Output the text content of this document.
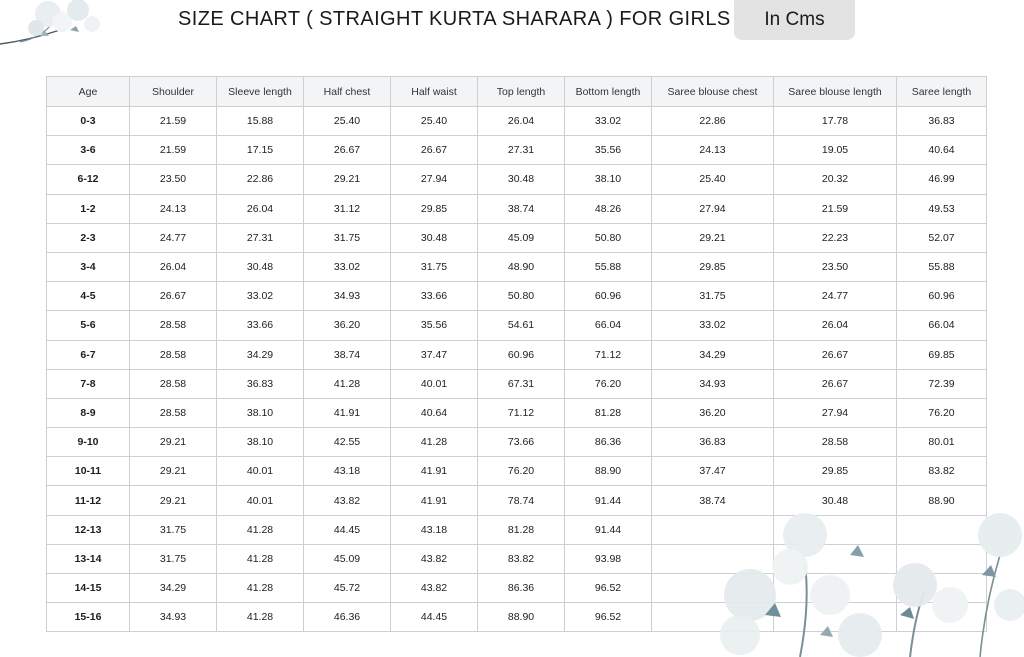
SIZE CHART ( STRAIGHT KURTA SHARARA ) FOR GIRLS	In Cms
Age	Shoulder	Sleeve length	Half chest	Half waist	Top length	Bottom length	Saree blouse chest	Saree blouse length	Saree length
0-3	21.59	15.88	25.40	25.40	26.04	33.02	22.86	17.78	36.83
3-6	21.59	17.15	26.67	26.67	27.31	35.56	24.13	19.05	40.64
6-12	23.50	22.86	29.21	27.94	30.48	38.10	25.40	20.32	46.99
1-2	24.13	26.04	31.12	29.85	38.74	48.26	27.94	21.59	49.53
2-3	24.77	27.31	31.75	30.48	45.09	50.80	29.21	22.23	52.07
3-4	26.04	30.48	33.02	31.75	48.90	55.88	29.85	23.50	55.88
4-5	26.67	33.02	34.93	33.66	50.80	60.96	31.75	24.77	60.96
5-6	28.58	33.66	36.20	35.56	54.61	66.04	33.02	26.04	66.04
6-7	28.58	34.29	38.74	37.47	60.96	71.12	34.29	26.67	69.85
7-8	28.58	36.83	41.28	40.01	67.31	76.20	34.93	26.67	72.39
8-9	28.58	38.10	41.91	40.64	71.12	81.28	36.20	27.94	76.20
9-10	29.21	38.10	42.55	41.28	73.66	86.36	36.83	28.58	80.01
10-11	29.21	40.01	43.18	41.91	76.20	88.90	37.47	29.85	83.82
11-12	29.21	40.01	43.82	41.91	78.74	91.44	38.74	30.48	88.90
12-13	31.75	41.28	44.45	43.18	81.28	91.44			
13-14	31.75	41.28	45.09	43.82	83.82	93.98			
14-15	34.29	41.28	45.72	43.82	86.36	96.52			
15-16	34.93	41.28	46.36	44.45	88.90	96.52			
